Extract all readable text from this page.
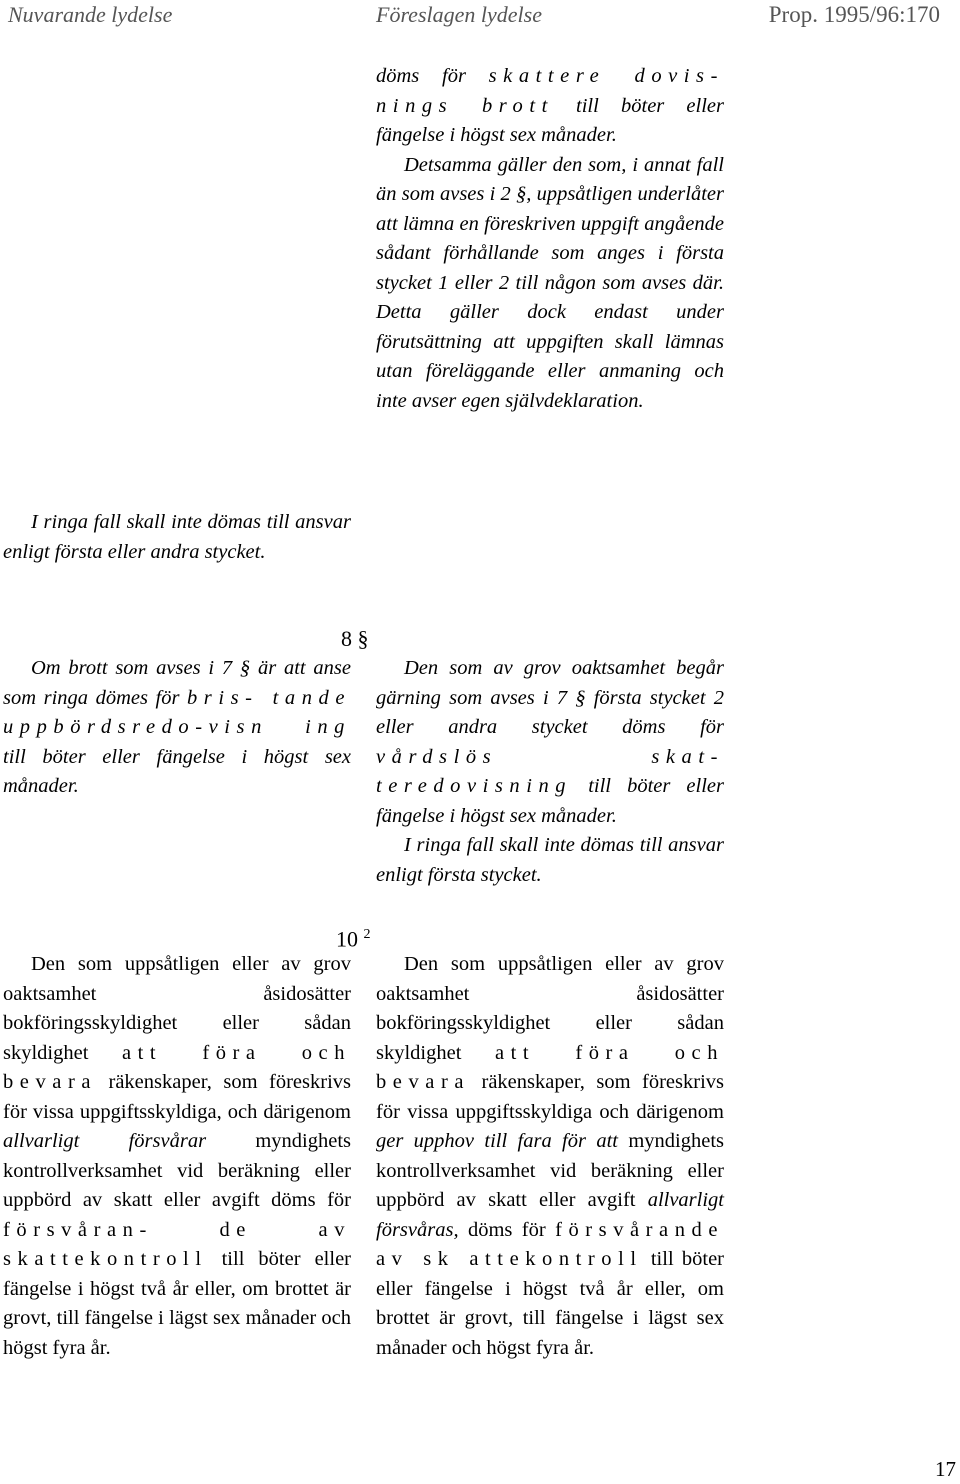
Nuvarande lydelse	Föreslagen lydelse	Prop. 1995/96:170

döms för skattere dovis- nings brott till böter eller fängelse i högst sex månader.

Detsamma gäller den som, i annat fall än som avses i 2 §, uppsåtligen underlåter att lämna en föreskriven uppgift angående sådant förhållande som anges i första stycket 1 eller 2 till någon som avses där. Detta gäller dock endast under förutsättning att uppgiften skall lämnas utan föreläggande eller anmaning och inte avser egen självdeklaration.

I ringa fall skall inte dömas till ansvar enligt första eller andra stycket.
8 §
Om brott som avses i 7 § är att anse som ringa dömes för bris- tande uppbördsredo-visn ing till böter eller fängelse i högst sex månader.

Den som av grov oaktsamhet begår gärning som avses i 7 § första stycket 2 eller andra stycket döms för vårdslös skat- teredovisning till böter eller fängelse i högst sex månader.

I ringa fall skall inte dömas till ansvar enligt första stycket.

10 $^2$
Den som uppsåtligen eller av grov oaktsamhet åsidosätter bokföringsskyldighet eller sådan skyldighet att föra och bevara räkenskaper, som föreskrivs för vissa uppgiftsskyldiga, och därigenom allvarligt försvårar myndighets kontrollverksamhet vid beräkning eller uppbörd av skatt eller avgift döms för försvåran- de av skattekontroll till böter eller fängelse i högst två år eller, om brottet är grovt, till fängelse i lägst sex månader och högst fyra år.
Den som uppsåtligen eller av grov oaktsamhet åsidosätter bokföringsskyldighet eller sådan skyldighet att föra och bevara räkenskaper, som föreskrivs för vissa uppgiftsskyldiga och därigenom ger upphov till fara för att myndighets kontrollverksamhet vid beräkning eller uppbörd av skatt eller avgift allvarligt försvåras, döms för försvårande av sk attekontroll till böter eller fängelse i högst två år eller, om brottet är grovt, till fängelse i lägst sex månader och högst fyra år.
17
